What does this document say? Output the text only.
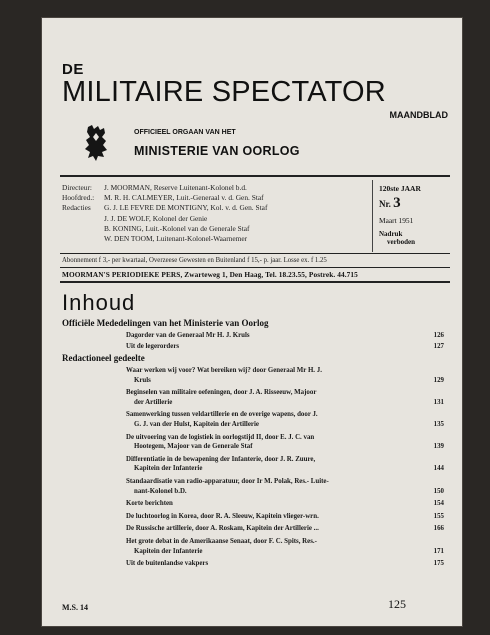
DE
MILITAIRE SPECTATOR
MAANDBLAD
OFFICIEEL ORGAAN VAN HET
MINISTERIE VAN OORLOG
Directeur:	J. MOORMAN, Reserve Luitenant-Kolonel b.d.
Hoofdred.:	M. R. H. CALMEYER, Luit.-Generaal v. d. Gen. Staf
Redacties	G. J. LE FEVRE DE MONTIGNY, Kol. v. d. Gen. Staf
J. J. DE WOLF, Kolonel der Genie
B. KONING, Luit.-Kolonel van de Generale Staf
W. DEN TOOM, Luitenant-Kolonel-Waarnemer
120ste JAAR
Nr. 3
Maart 1951
Nadruk
verboden
Abonnement f 3,- per kwartaal, Overzeese Gewesten en Buitenland f 15,- p. jaar. Losse ex. f 1.25
MOORMAN'S PERIODIEKE PERS, Zwarteweg 1, Den Haag, Tel. 18.23.55, Postrek. 44.715
Inhoud
Officiële Mededelingen van het Ministerie van Oorlog
Dagorder van de Generaal Mr H. J. Kruls	126
Uit de legerorders	127
Redactioneel gedeelte
Waar werken wij voor? Wat bereiken wij? door Generaal Mr H. J.
Kruls	129
Beginselen van militaire oefeningen, door J. A. Risseeuw, Majoor
der Artillerie	131
Samenwerking tussen veldartillerie en de overige wapens, door J.
G. J. van der Hulst, Kapitein der Artillerie	135
De uitvoering van de logistiek in oorlogstijd II, door E. J. C. van
Hootegem, Majoor van de Generale Staf	139
Differentiatie in de bewapening der Infanterie, door J. R. Zuure,
Kapitein der Infanterie	144
Standaardisatie van radio-apparatuur, door Ir M. Polak, Res.- Luite-
nant-Kolonel b.D.	150
Korte berichten	154
De luchtoorlog in Korea, door R. A. Sleeuw, Kapitein vlieger-wrn.	155
De Russische artillerie, door A. Roskam, Kapitein der Artillerie ...	166
Het grote debat in de Amerikaanse Senaat, door F. C. Spits, Res.-
Kapitein der Infanterie	171
Uit de buitenlandse vakpers	175
M.S. 14	125
